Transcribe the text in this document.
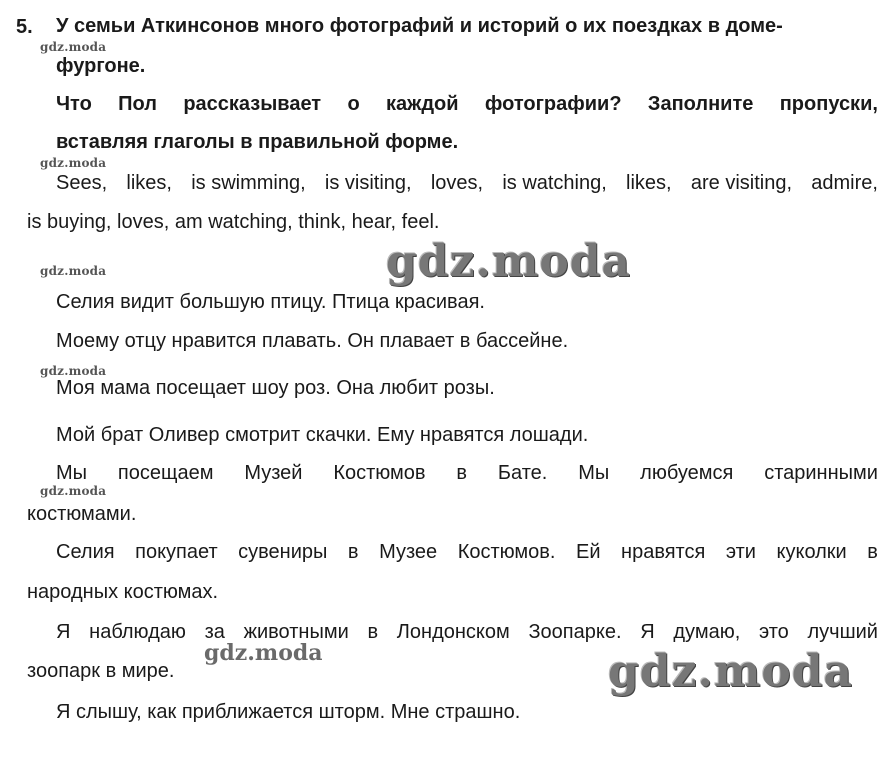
5. У семьи Аткинсонов много фотографий и историй о их поездках в доме-
фургоне.
Что Пол рассказывает о каждой фотографии? Заполните пропуски,
вставляя глаголы в правильной форме.
Sees, likes, is swimming, is visiting, loves, is watching, likes, are visiting, admire,
is buying, loves, am watching, think, hear, feel.
Селия видит большую птицу. Птица красивая.
Моему отцу нравится плавать. Он плавает в бассейне.
Моя мама посещает шоу роз. Она любит розы.
Мой брат Оливер смотрит скачки. Ему нравятся лошади.
Мы посещаем Музей Костюмов в Бате. Мы любуемся старинными
костюмами.
Селия покупает сувениры в Музее Костюмов. Ей нравятся эти куколки в
народных костюмах.
Я наблюдаю за животными в Лондонском Зоопарке. Я думаю, это лучший
зоопарк в мире.
Я слышу, как приближается шторм. Мне страшно.
gdz.moda
gdz.moda
gdz.moda
gdz.moda
gdz.moda
gdz.moda
gdz.moda	gdz.moda
